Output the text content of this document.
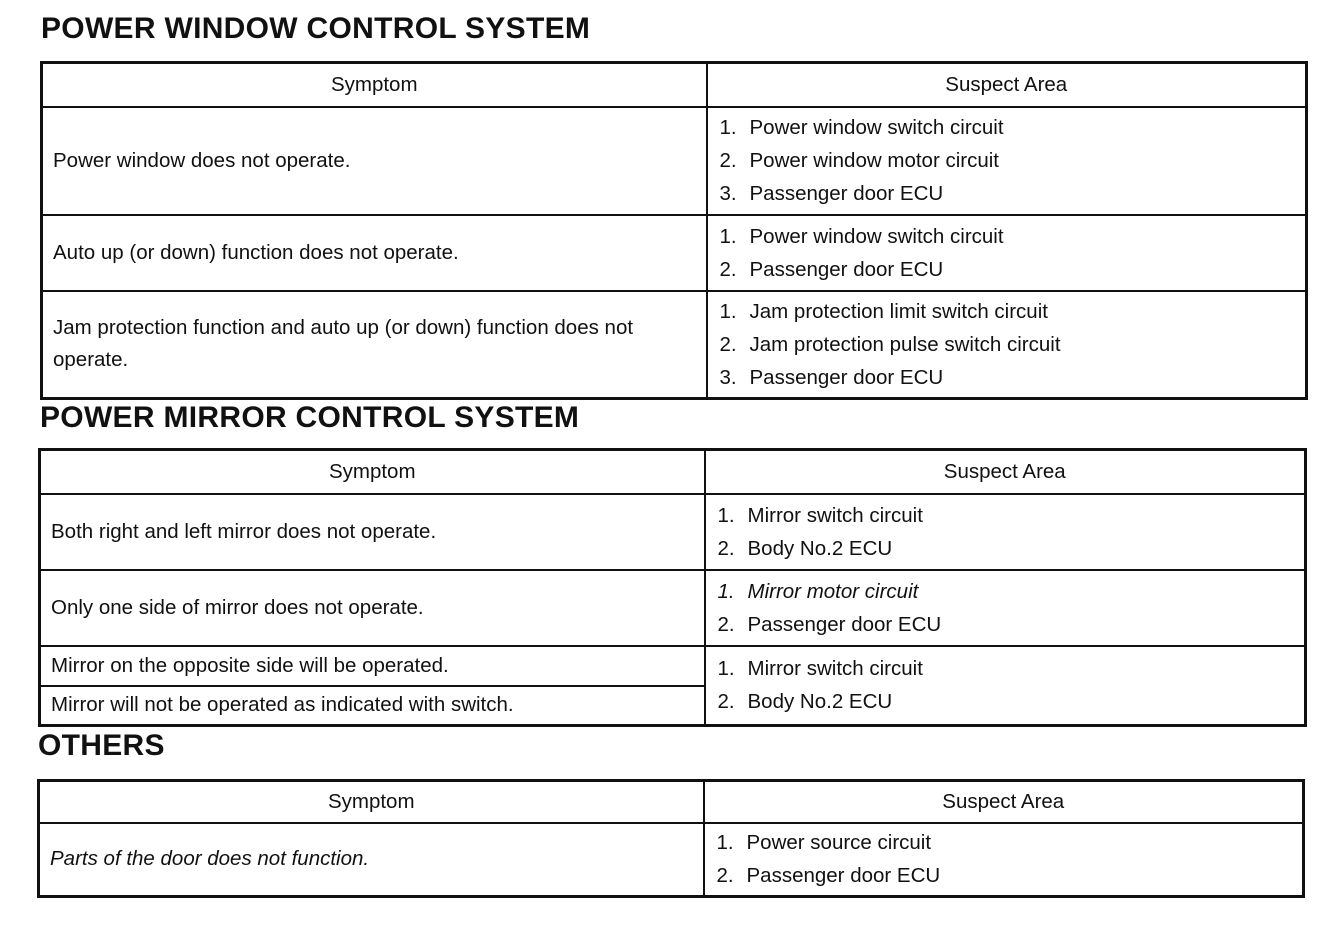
POWER WINDOW CONTROL SYSTEM
Symptom	Suspect Area
Power window does not operate.	1. Power window switch circuit
2. Power window motor circuit
3. Passenger door ECU

Auto up (or down) function does not operate.	1. Power window switch circuit
2. Passenger door ECU

Jam protection function and auto up (or down) function does not operate.	1. Jam protection limit switch circuit
2. Jam protection pulse switch circuit
3. Passenger door ECU
POWER MIRROR CONTROL SYSTEM
Symptom	Suspect Area
Both right and left mirror does not operate.	1. Mirror switch circuit
2. Body No.2 ECU

Only one side of mirror does not operate.	1. Mirror motor circuit
2. Passenger door ECU

Mirror on the opposite side will be operated.	1. Mirror switch circuit
2. Body No.2 ECU

Mirror will not be operated as indicated with switch.	
OTHERS
Symptom	Suspect Area
Parts of the door does not function.	1. Power source circuit
2. Passenger door ECU
